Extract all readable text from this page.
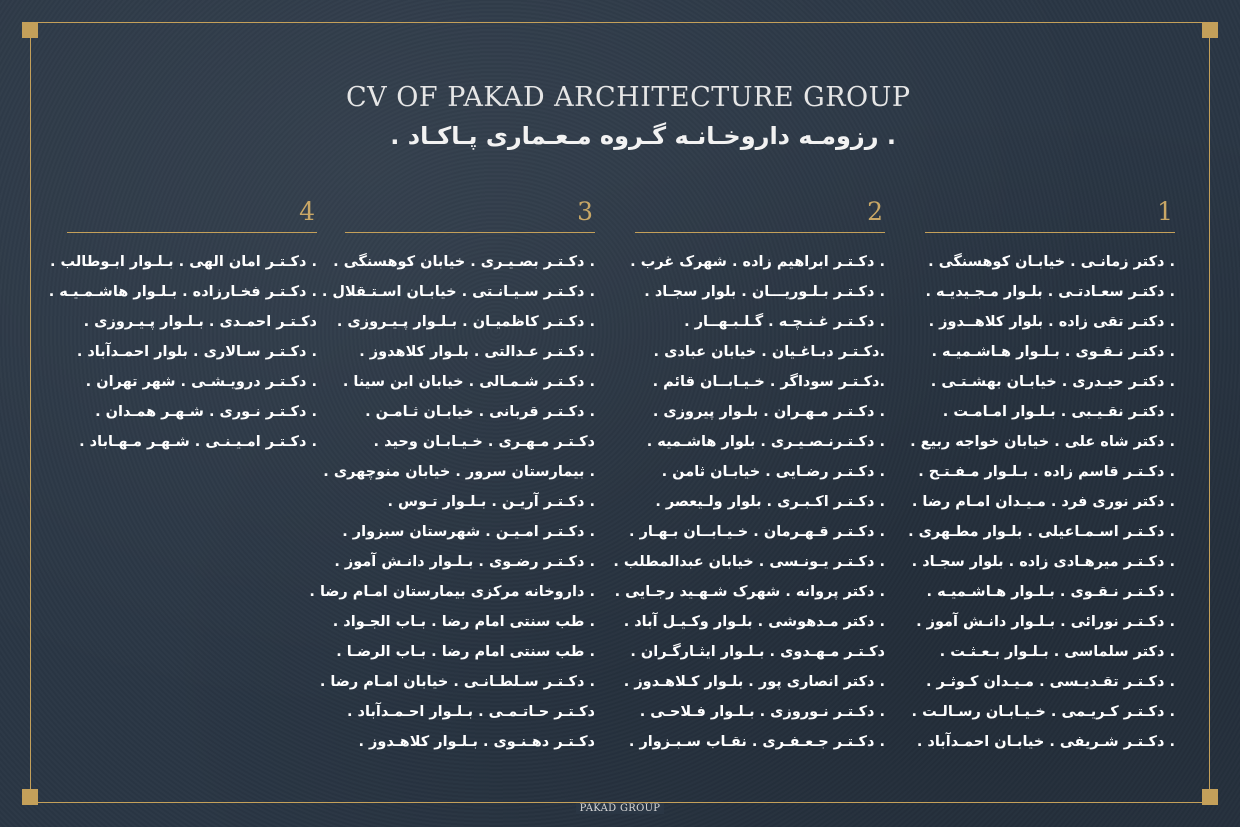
CV OF PAKAD ARCHITECTURE GROUP
. رزومـه داروخـانـه گـروه مـعـماری پـاکـاد .
1
. دکتر زمانـی . خیابـان کوهسنگی .
. دکتـر سعـادتـی . بلـوار مـجـیدیـه .
. دکتـر تقی زاده . بلوار کلاهــدوز .
. دکتـر نـقـوی . بـلـوار هـاشـمیـه .
. دکتـر حیـدری . خیابـان بهشـتـی .
. دکتـر نقـیـبی . بـلـوار امـامـت .
. دکتر شاه علی . خیابان خواجه ربیع .
. دکـتـر قاسم زاده . بـلـوار مـفـتـح .
. دکتر نوری فرد . مـیـدان امـام رضا .
. دکـتـر اسـمـاعیلی . بلـوار مطـهری .
. دکـتـر میرهـادی زاده . بلوار سجـاد .
. دکـتـر نـقـوی . بـلـوار هـاشـمیـه .
. دکـتـر نورائی . بـلـوار دانـش آموز .
. دکتر سلماسی . بـلـوار بـعـثـت .
. دکـتـر تقـدیـسی . مـیـدان کـوثـر .
. دکـتـر کـریـمی . خـیـابـان رسـالـت .
. دکـتـر شـریفی . خیابـان احمـدآباد .
2
. دکـتـر ابراهیم زاده . شهرک غرب .
. دکـتـر بـلـوریـــان . بلوار سجـاد .
. دکـتـر غـنـچـه . گـلـبـهــار .
.دکـتـر دبـاغـیان . خیابان عبادی .
.دکـتـر سوداگر . خـیـابــان قائم .
. دکـتـر مـهـران . بلـوار پیروزی .
. دکـتـرنـصـیـری . بلوار هاشـمیه .
. دکـتـر رضـایی . خیابـان ثامن .
. دکـتـر اکـبـری . بلوار ولـیعصر .
. دکـتـر قـهـرمان . خـیـابــان بـهـار .
. دکـتـر یـونـسی . خیابان عبدالمطلب .
. دکتر پروانه . شهرک شـهـید رجـایی .
. دکتر مـدهوشی . بلـوار وکـیـل آباد .
دکـتـر مـهـدوی . بـلـوار ایثـارگـران .
. دکتر انصاری پور . بلـوار کـلاهـدوز .
. دکـتـر نـوروزی . بـلـوار فـلاحـی .
. دکـتـر جـعـفـری . نقـاب سـبـزوار .
3
. دکـتـر بصـیـری . خیابان کوهسنگی .
. دکـتـر سـیـانـتی . خیابـان اسـتـقلال .
. دکـتـر کاظمیـان . بـلـوار پـیـروزی .
. دکـتـر عـدالتی . بلـوار کلاهدوز .
. دکـتـر شـمـالی . خیابان ابن سینا .
. دکـتـر قربانی . خیابـان ثـامـن .
دکـتـر مـهـری . خـیـابـان وحید .
. بیمارستان سرور . خیابان منوچهری .
. دکـتـر آریـن . بـلـوار تـوس .
. دکـتـر امـیـن . شهرستان سبزوار .
. دکـتـر رضـوی . بـلـوار دانـش آموز .
. داروخانه مرکزی بیمارستان امـام رضا .
. طب سنتی امام رضا . بـاب الجـواد .
. طب سنتی امام رضا . بـاب الرضـا .
. دکـتـر سـلطـانـی . خیابان امـام رضا .
دکـتـر حـاتـمـی . بـلـوار احـمـدآباد .
دکـتـر دهـنـوی . بـلـوار کلاهـدوز .
4
. دکـتـر امان الهی . بـلـوار ابـوطالب .
. دکـتـر فخـارزاده . بـلـوار هاشـمـیـه .
دکـتـر احمـدی . بـلـوار پـیـروزی .
. دکـتـر سـالاری . بلوار احمـدآباد .
. دکـتـر درویـشـی . شهر تهران .
. دکـتـر نـوری . شـهـر همـدان .
. دکـتـر امـیـنـی . شـهـر مـهـاباد .
PAKAD GROUP
